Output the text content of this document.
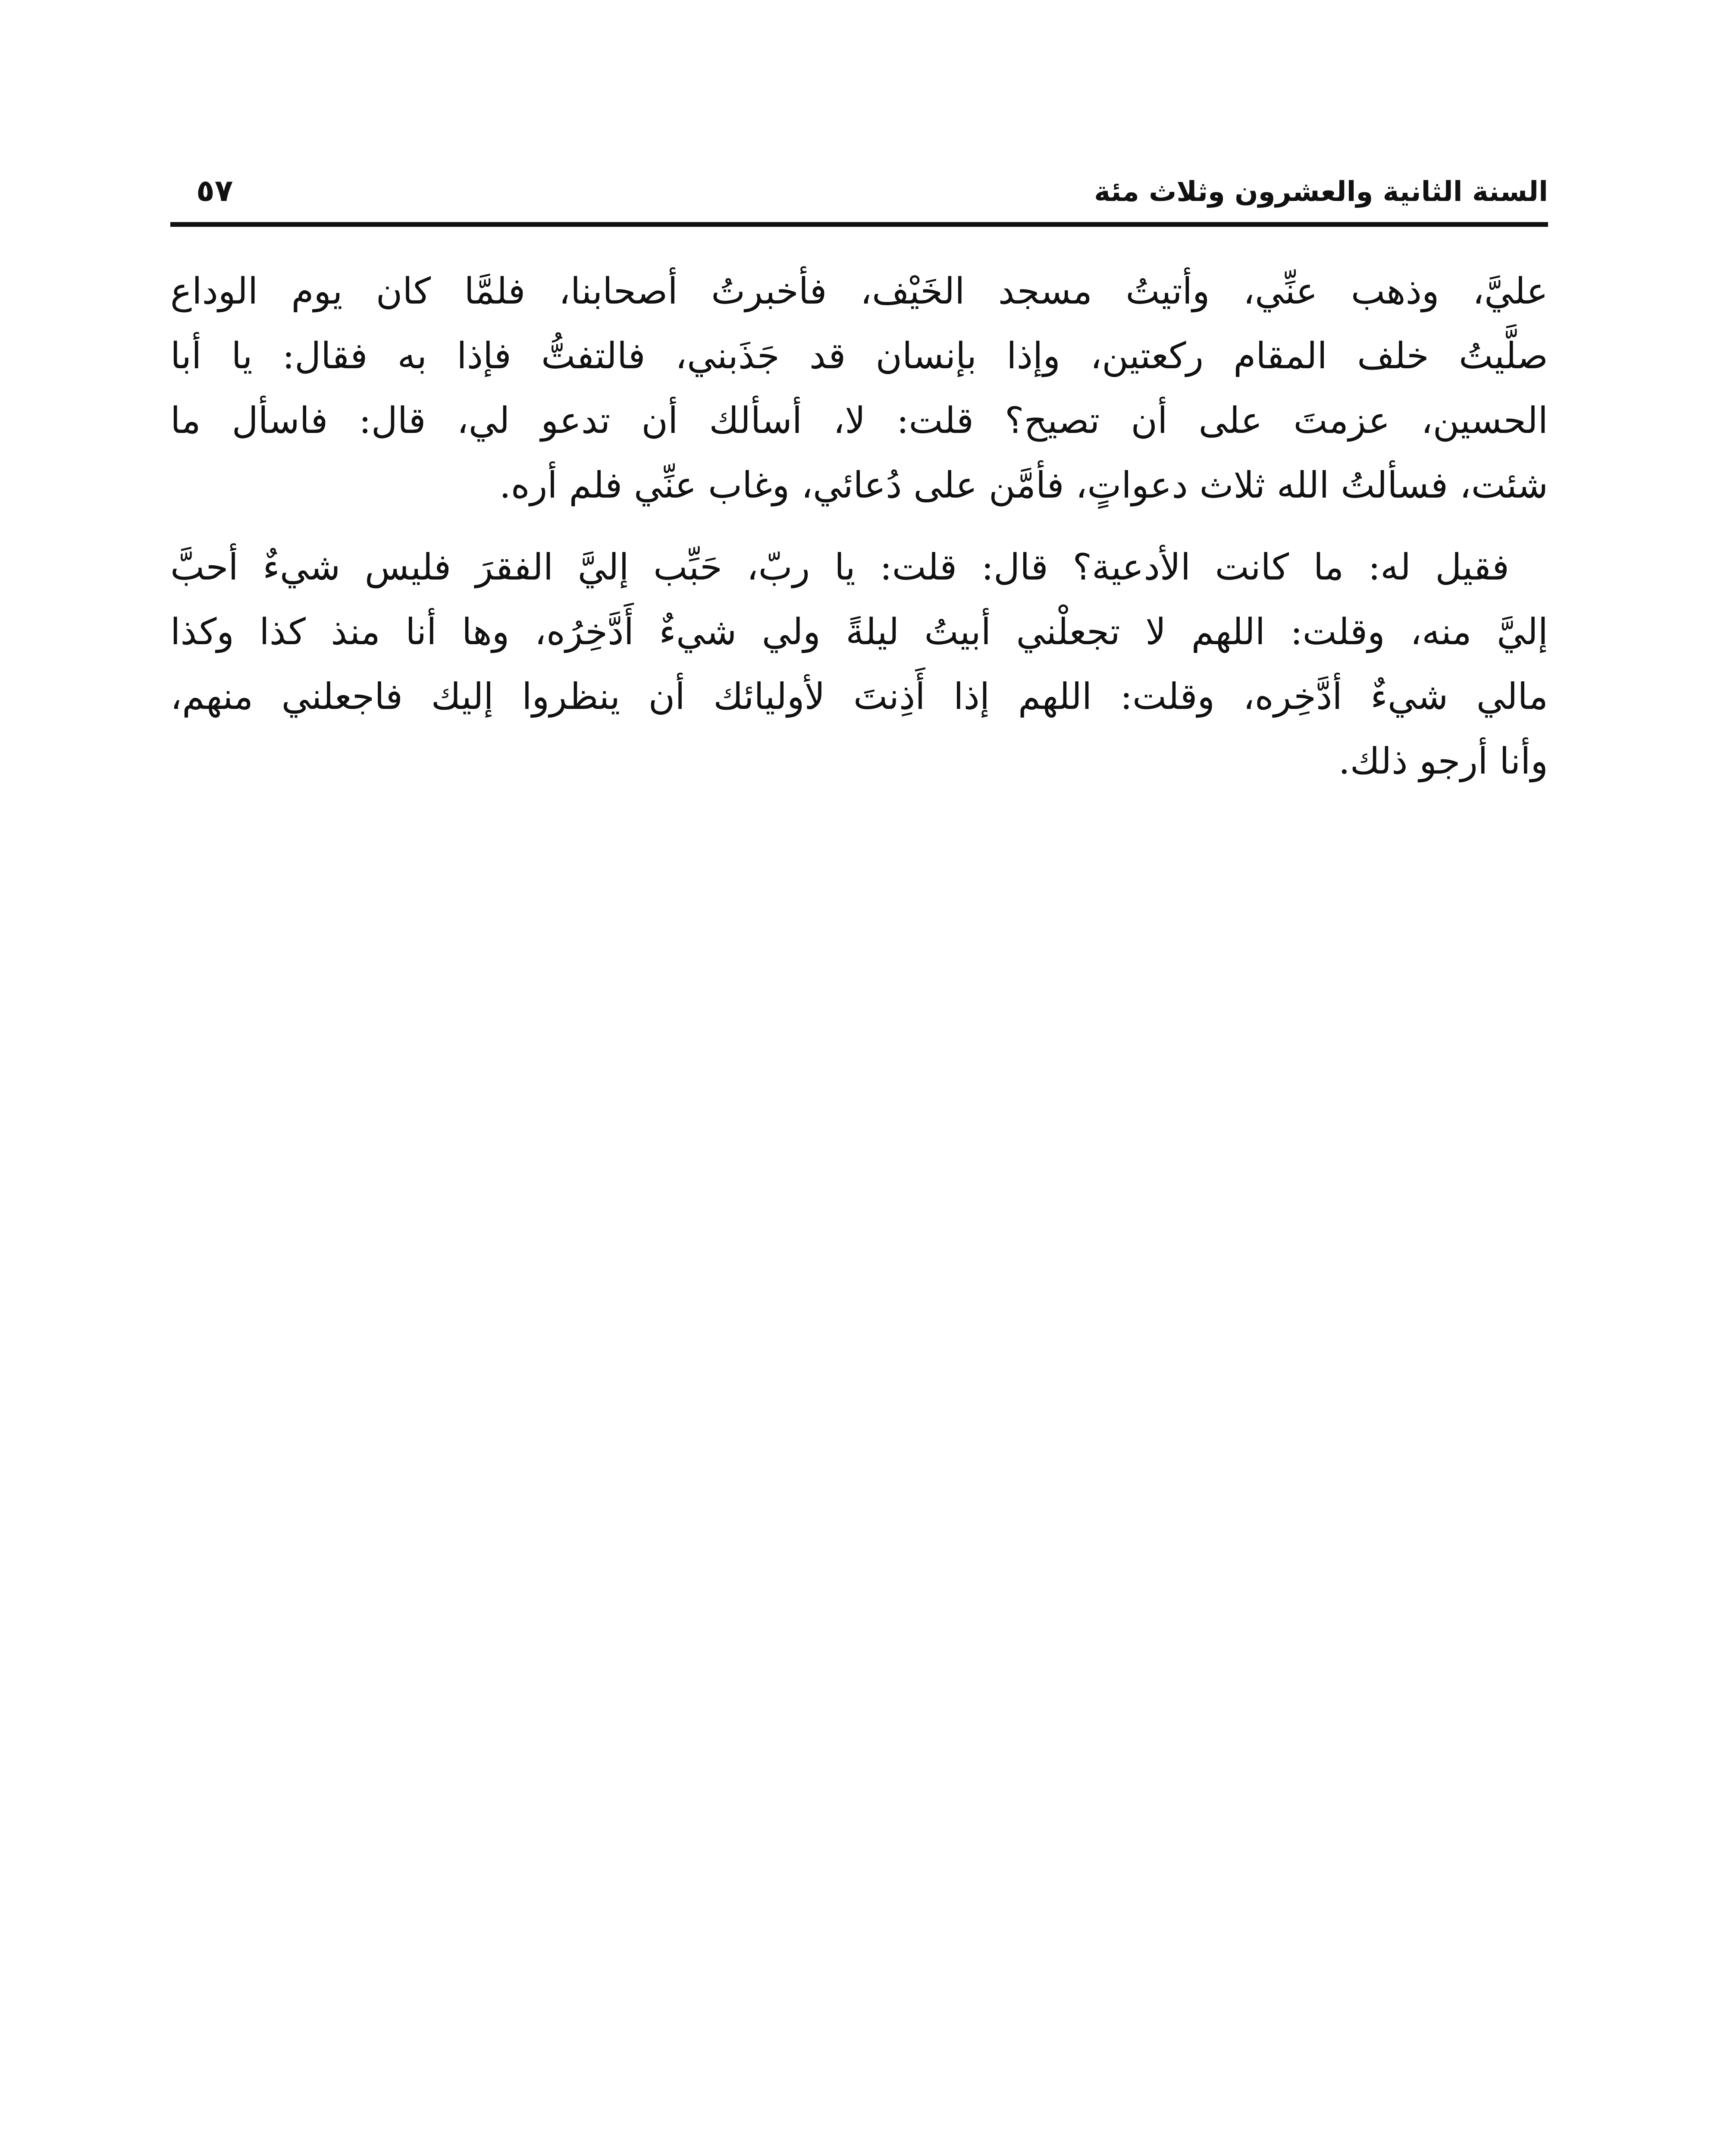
السنة الثانية والعشرون وثلاث مئة
٥٧
عليَّ، وذهب عنِّي، وأتيتُ مسجد الخَيْف، فأخبرتُ أصحابنا، فلمَّا كان يوم الوداع
صلَّيتُ خلف المقام ركعتين، وإذا بإنسان قد جَذَبني، فالتفتُّ فإذا به فقال: يا أبا
الحسين، عزمتَ على أن تصيح؟ قلت: لا، أسألك أن تدعو لي، قال: فاسأل ما
شئت، فسألتُ الله ثلاث دعواتٍ، فأمَّن على دُعائي، وغاب عنِّي فلم أره.
فقيل له: ما كانت الأدعية؟ قال: قلت: يا ربّ، حَبِّب إليَّ الفقرَ فليس شيءٌ أحبَّ
إليَّ منه، وقلت: اللهم لا تجعلْني أبيتُ ليلةً ولي شيءٌ أَدَّخِرُه، وها أنا منذ كذا وكذا
مالي شيءٌ أدَّخِره، وقلت: اللهم إذا أَذِنتَ لأوليائك أن ينظروا إليك فاجعلني منهم،
وأنا أرجو ذلك.
